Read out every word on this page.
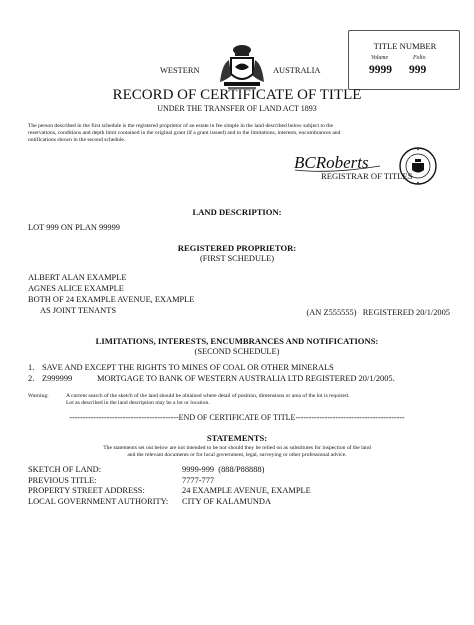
TITLE NUMBER
Volume	Folio
9999 999
WESTERN	AUSTRALIA
RECORD OF CERTIFICATE OF TITLE
UNDER THE TRANSFER OF LAND ACT 1893
The person described in the first schedule is the registered proprietor of an estate in fee simple in the land described below subject to the
reservations, conditions and depth limit contained in the original grant (if a grant issued) and to the limitations, interests, encumbrances and
notifications shown in the second schedule.
BCRoberts
REGISTRAR OF TITLES
LAND DESCRIPTION:
LOT 999 ON PLAN 99999
REGISTERED PROPRIETOR:
(FIRST SCHEDULE)
ALBERT ALAN EXAMPLE
AGNES ALICE EXAMPLE
BOTH OF 24 EXAMPLE AVENUE, EXAMPLE
AS JOINT TENANTS	(AN Z555555)   REGISTERED 20/1/2005
LIMITATIONS, INTERESTS, ENCUMBRANCES AND NOTIFICATIONS:
(SECOND SCHEDULE)
1. SAVE AND EXCEPT THE RIGHTS TO MINES OF COAL OR OTHER MINERALS
2. Z999999	MORTGAGE TO BANK OF WESTERN AUSTRALIA LTD REGISTERED 20/1/2005.
Warning:	A current search of the sketch of the land should be obtained where detail of position, dimensions or area of the lot is required.
Lot as described in the land description may be a lot or location.
-----------------------------------------END OF CERTIFICATE OF TITLE-----------------------------------------
STATEMENTS:
The statements set out below are not intended to be nor should they be relied on as substitutes for inspection of the land
and the relevant documents or for local government, legal, surveying or other professional advice.
SKETCH OF LAND:	9999-999  (888/P88888)
PREVIOUS TITLE:	7777-777
PROPERTY STREET ADDRESS:	24 EXAMPLE AVENUE, EXAMPLE
LOCAL GOVERNMENT AUTHORITY: CITY OF KALAMUNDA
